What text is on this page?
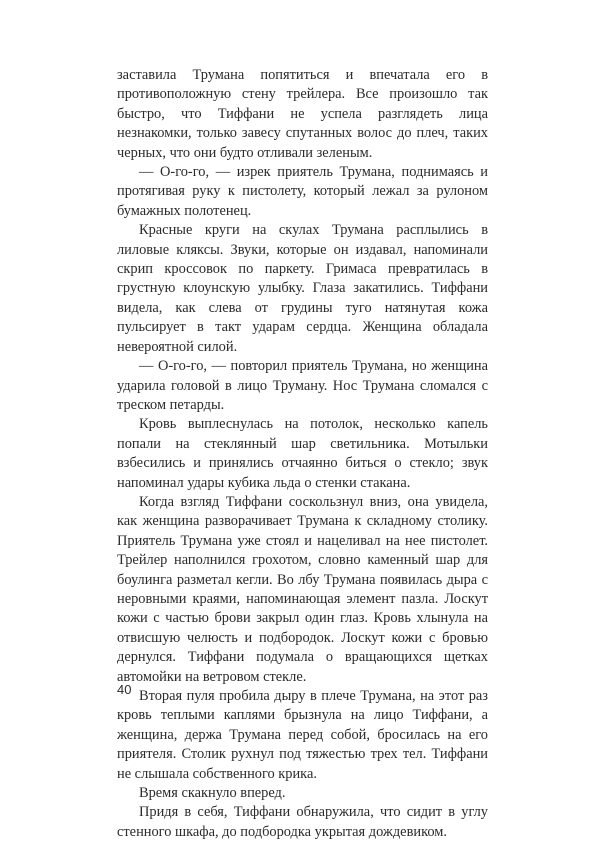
заставила Трумана попятиться и впечатала его в противоположную стену трейлера. Все произошло так быстро, что Тиффани не успела разглядеть лица незнакомки, только завесу спутанных волос до плеч, таких черных, что они будто отливали зеленым.

— О-го-го, — изрек приятель Трумана, поднимаясь и протягивая руку к пистолету, который лежал за рулоном бумажных полотенец.

Красные круги на скулах Трумана расплылись в лиловые кляксы. Звуки, которые он издавал, напоминали скрип кроссовок по паркету. Гримаса превратилась в грустную клоунскую улыбку. Глаза закатились. Тиффани видела, как слева от грудины туго натянутая кожа пульсирует в такт ударам сердца. Женщина обладала невероятной силой.

— О-го-го, — повторил приятель Трумана, но женщина ударила головой в лицо Труману. Нос Трумана сломался с треском петарды.

Кровь выплеснулась на потолок, несколько капель попали на стеклянный шар светильника. Мотыльки взбесились и принялись отчаянно биться о стекло; звук напоминал удары кубика льда о стенки стакана.

Когда взгляд Тиффани соскользнул вниз, она увидела, как женщина разворачивает Трумана к складному столику. Приятель Трумана уже стоял и нацеливал на нее пистолет. Трейлер наполнился грохотом, словно каменный шар для боулинга разметал кегли. Во лбу Трумана появилась дыра с неровными краями, напоминающая элемент пазла. Лоскут кожи с частью брови закрыл один глаз. Кровь хлынула на отвисшую челюсть и подбородок. Лоскут кожи с бровью дернулся. Тиффани подумала о вращающихся щетках автомойки на ветровом стекле.

Вторая пуля пробила дыру в плече Трумана, на этот раз кровь теплыми каплями брызнула на лицо Тиффани, а женщина, держа Трумана перед собой, бросилась на его приятеля. Столик рухнул под тяжестью трех тел. Тиффани не слышала собственного крика.

Время скакнуло вперед.

Придя в себя, Тиффани обнаружила, что сидит в углу стенного шкафа, до подбородка укрытая дождевиком.

40
